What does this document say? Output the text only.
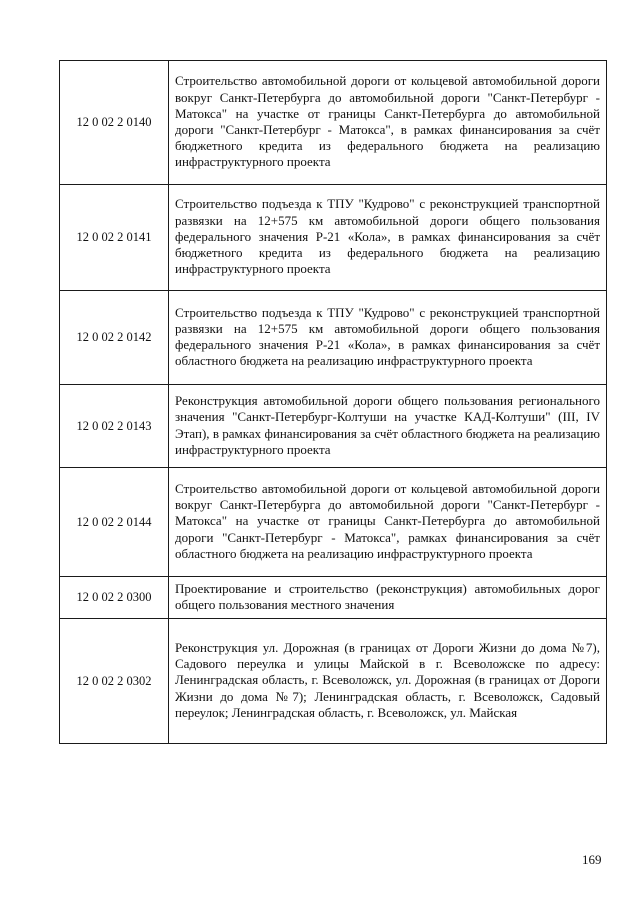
12 0 02 2 0140	Строительство автомобильной дороги от кольцевой автомобильной дороги вокруг Санкт-Петербурга до автомобильной дороги "Санкт-Петербург - Матокса" на участке от границы Санкт-Петербурга до автомобильной дороги "Санкт-Петербург - Матокса", в рамках финансирования за счёт бюджетного кредита из федерального бюджета на реализацию инфраструктурного проекта
12 0 02 2 0141	Строительство подъезда к ТПУ "Кудрово" с реконструкцией транспортной развязки на 12+575 км автомобильной дороги общего пользования федерального значения Р-21 «Кола», в рамках финансирования за счёт бюджетного кредита из федерального бюджета на реализацию инфраструктурного проекта
12 0 02 2 0142	Строительство подъезда к ТПУ "Кудрово" с реконструкцией транспортной развязки на 12+575 км автомобильной дороги общего пользования федерального значения Р-21 «Кола», в рамках финансирования за счёт областного бюджета на реализацию инфраструктурного проекта
12 0 02 2 0143	Реконструкция автомобильной дороги общего пользования регионального значения "Санкт-Петербург-Колтуши на участке КАД-Колтуши" (III, IV Этап), в рамках финансирования за счёт областного бюджета на реализацию инфраструктурного проекта
12 0 02 2 0144	Строительство автомобильной дороги от кольцевой автомобильной дороги вокруг Санкт-Петербурга до автомобильной дороги "Санкт-Петербург - Матокса" на участке от границы Санкт-Петербурга до автомобильной дороги "Санкт-Петербург - Матокса", рамках финансирования за счёт областного бюджета на реализацию инфраструктурного проекта
12 0 02 2 0300	Проектирование и строительство (реконструкция) автомобильных дорог общего пользования местного значения
12 0 02 2 0302	Реконструкция ул. Дорожная (в границах от Дороги Жизни до дома №7), Садового переулка и улицы Майской в г. Всеволожске по адресу: Ленинградская область, г. Всеволожск, ул. Дорожная (в границах от Дороги Жизни до дома №7); Ленинградская область, г. Всеволожск, Садовый переулок; Ленинградская область, г. Всеволожск, ул. Майская
169
